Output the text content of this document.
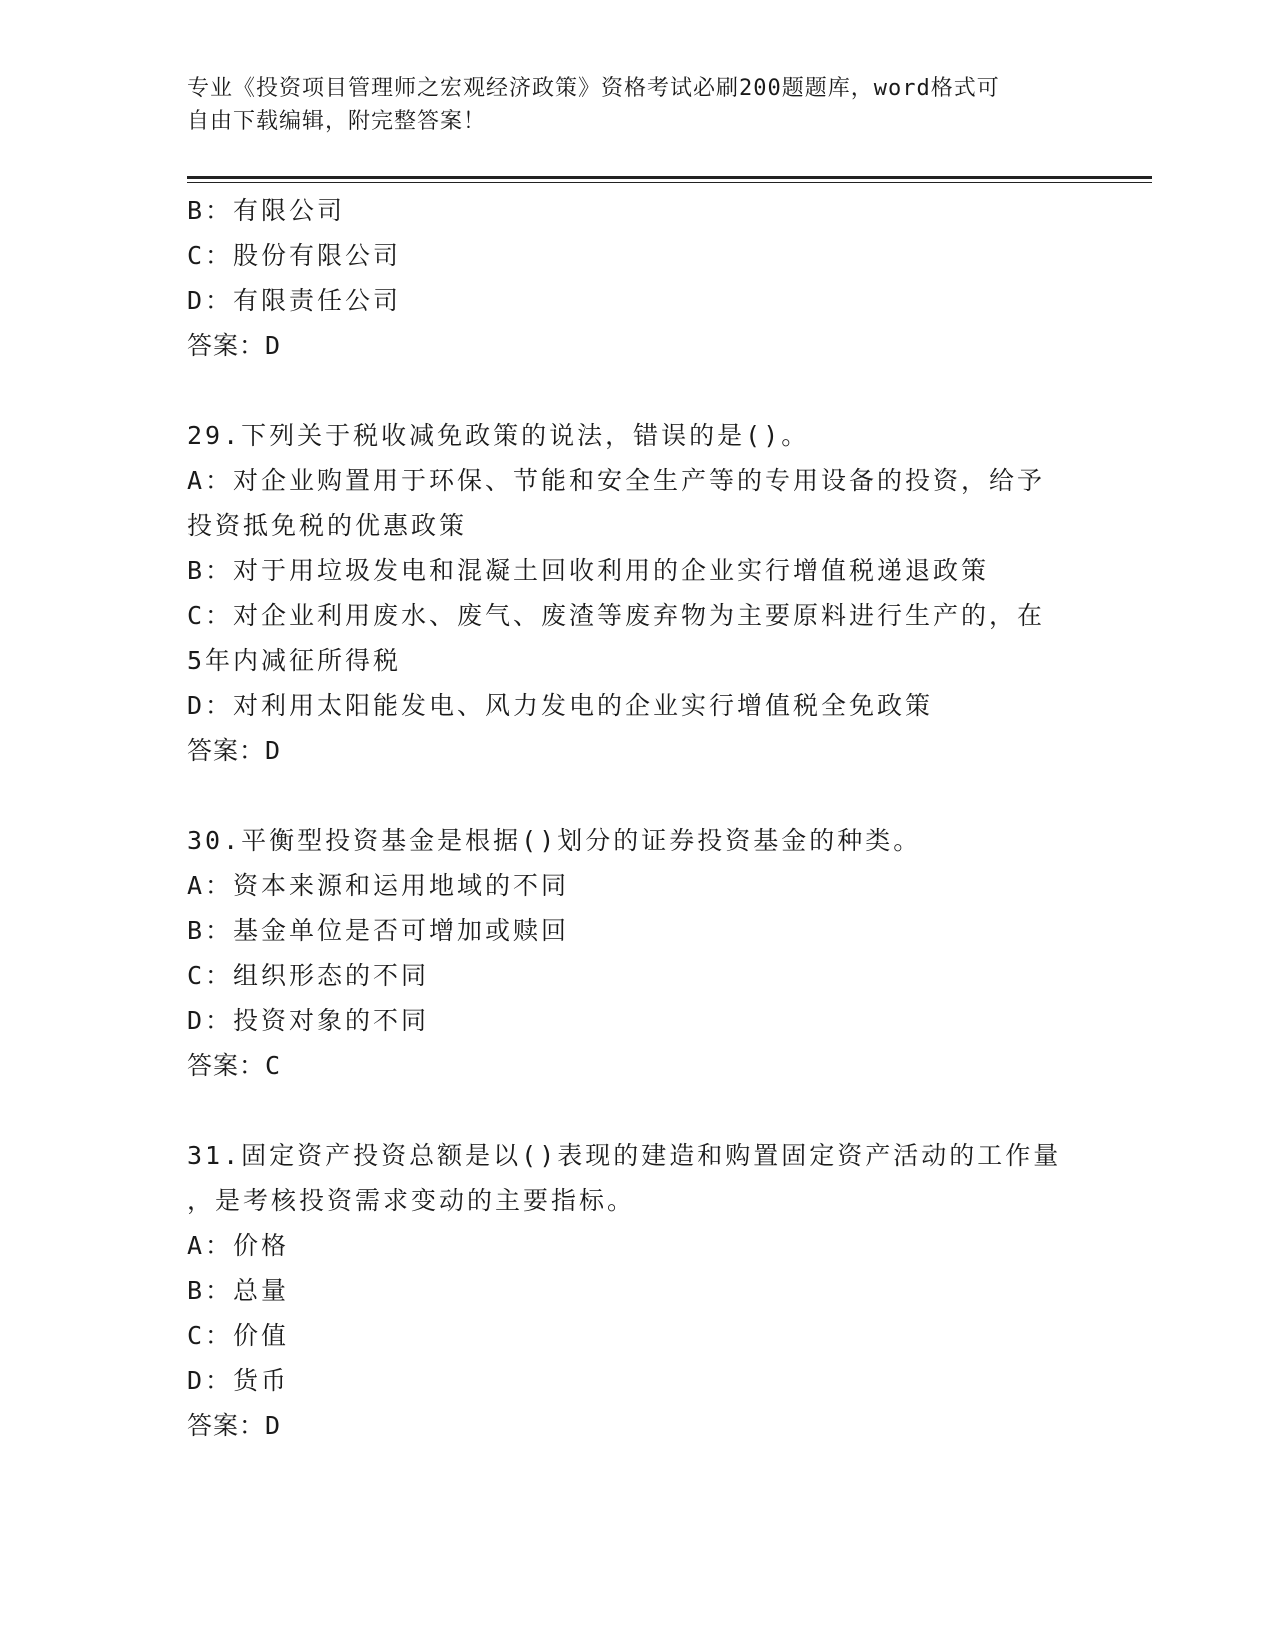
专业《投资项目管理师之宏观经济政策》资格考试必刷200题题库，word格式可
自由下载编辑，附完整答案！
B：有限公司
C：股份有限公司
D：有限责任公司
答案：D
29.下列关于税收减免政策的说法，错误的是()。
A：对企业购置用于环保、节能和安全生产等的专用设备的投资，给予
投资抵免税的优惠政策
B：对于用垃圾发电和混凝土回收利用的企业实行增值税递退政策
C：对企业利用废水、废气、废渣等废弃物为主要原料进行生产的，在
5年内减征所得税
D：对利用太阳能发电、风力发电的企业实行增值税全免政策
答案：D
30.平衡型投资基金是根据()划分的证券投资基金的种类。
A：资本来源和运用地域的不同
B：基金单位是否可增加或赎回
C：组织形态的不同
D：投资对象的不同
答案：C
31.固定资产投资总额是以()表现的建造和购置固定资产活动的工作量
，是考核投资需求变动的主要指标。
A：价格
B：总量
C：价值
D：货币
答案：D
